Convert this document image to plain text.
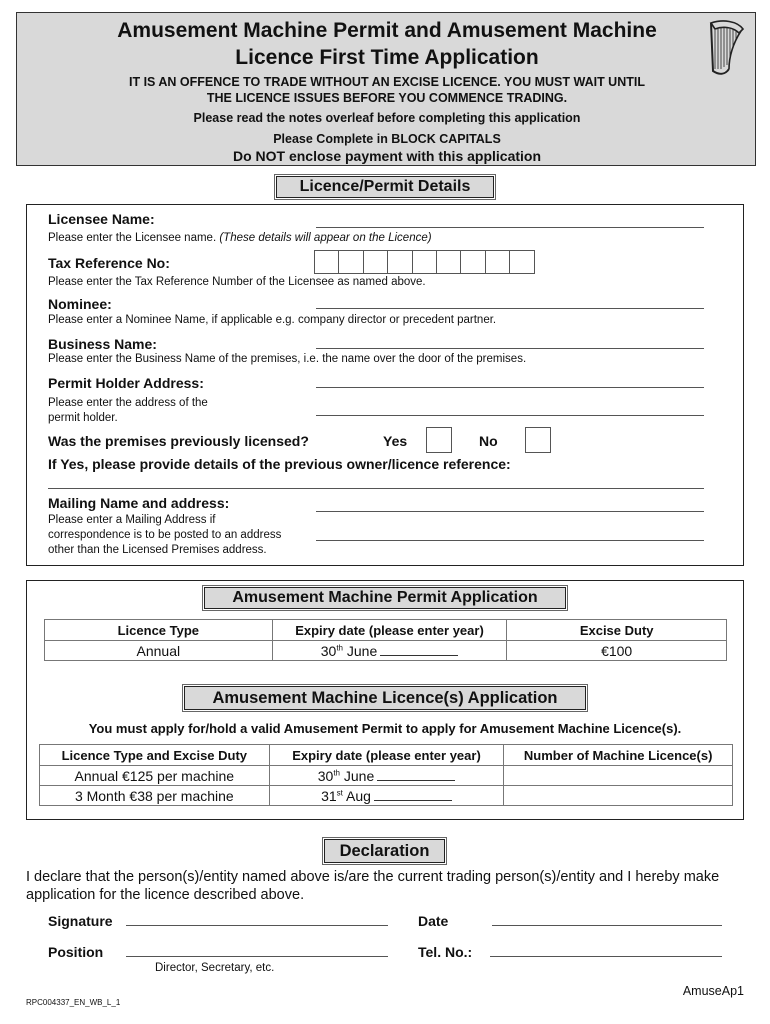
Amusement Machine Permit and Amusement Machine
Licence First Time Application
IT IS AN OFFENCE TO TRADE WITHOUT AN EXCISE LICENCE. YOU MUST WAIT UNTIL
THE LICENCE ISSUES BEFORE YOU COMMENCE TRADING.
Please read the notes overleaf before completing this application
Please Complete in BLOCK CAPITALS
Do NOT enclose payment with this application
Licence/Permit Details
Licensee Name:
Please enter the Licensee name. (These details will appear on the Licence)
Tax Reference No:
Please enter the Tax Reference Number of the Licensee as named above.
Nominee:
Please enter a Nominee Name, if applicable e.g. company director or precedent partner.
Business Name:
Please enter the Business Name of the premises, i.e. the name over the door of the premises.
Permit Holder Address:
Please enter the address of the
permit holder.
Was the premises previously licensed?	Yes	No
If Yes, please provide details of the previous owner/licence reference:
Mailing Name and address:
Please enter a Mailing Address if
correspondence is to be posted to an address
other than the Licensed Premises address.
Amusement Machine Permit Application
Licence Type	Expiry date (please enter year)	Excise Duty
Annual	30th June	€100
Amusement Machine Licence(s) Application
You must apply for/hold a valid Amusement Permit to apply for Amusement Machine Licence(s).
Licence Type and Excise Duty	Expiry date (please enter year)	Number of Machine Licence(s)
Annual €125 per machine	30th June	
3 Month €38 per machine	31st Aug	
Declaration
I declare that the person(s)/entity named above is/are the current trading person(s)/entity and I hereby make application for the licence described above.
Signature	Date
Position	Tel. No.:
Director, Secretary, etc.
AmuseAp1
RPC004337_EN_WB_L_1
